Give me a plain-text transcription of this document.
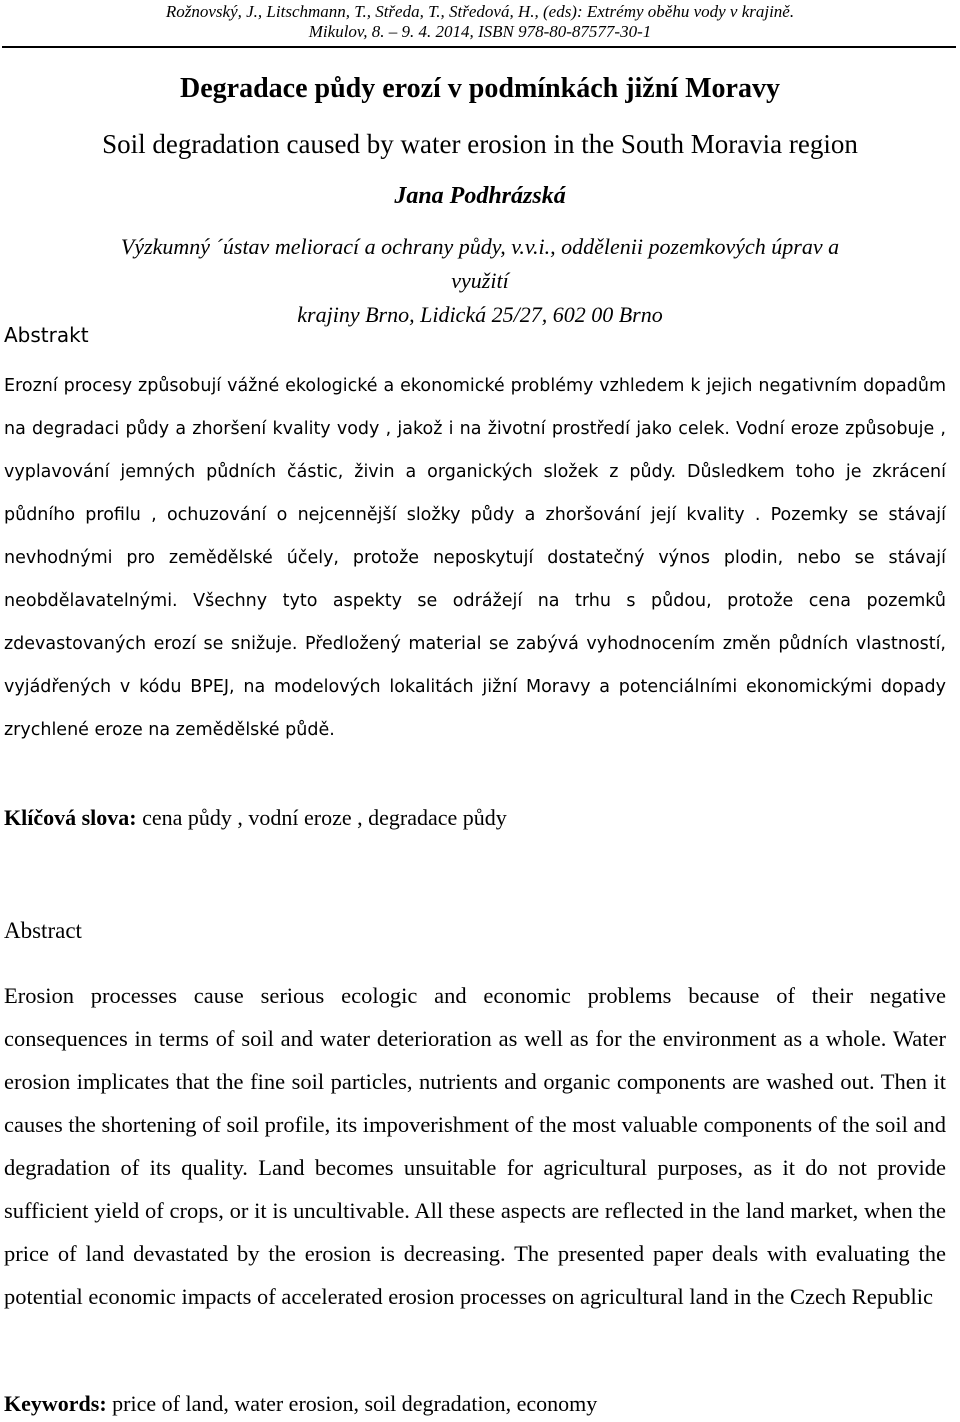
Rožnovský, J., Litschmann, T., Středa, T., Středová, H., (eds): Extrémy oběhu vody v krajině.
Mikulov, 8. – 9. 4. 2014, ISBN 978-80-87577-30-1
Degradace půdy erozí v podmínkách jižní Moravy
Soil degradation caused by water erosion in the South Moravia region
Jana Podhrázská
Výzkumný ´ústav meliorací a ochrany půdy, v.v.i., oddělenii pozemkových úprav a využití
krajiny Brno, Lidická 25/27, 602 00 Brno
Abstrakt

Erozní procesy způsobují vážné ekologické a ekonomické problémy vzhledem k jejich negativním dopadům na degradaci půdy a zhoršení kvality vody , jakož i na životní prostředí jako celek. Vodní eroze způsobuje , vyplavování jemných půdních částic, živin a organických složek z půdy. Důsledkem toho je zkrácení půdního profilu , ochuzování o nejcennější složky půdy a zhoršování její kvality . Pozemky se stávají nevhodnými pro zemědělské účely, protože neposkytují dostatečný výnos plodin, nebo se stávají neobdělavatelnými. Všechny tyto aspekty se odrážejí na trhu s půdou, protože cena pozemků zdevastovaných erozí se snižuje. Předložený material se zabývá vyhodnocením změn půdních vlastností, vyjádřených v kódu BPEJ, na modelových lokalitách jižní Moravy a potenciálními ekonomickými dopady zrychlené eroze na zemědělské půdě.

Klíčová slova: cena půdy , vodní eroze , degradace půdy

Abstract

Erosion processes cause serious ecologic and economic problems because of their negative consequences in terms of soil and water deterioration as well as for the environment as a whole. Water erosion implicates that the fine soil particles, nutrients and organic components are washed out. Then it causes the shortening of soil profile, its impoverishment of the most valuable components of the soil and degradation of its quality. Land becomes unsuitable for agricultural purposes, as it do not provide sufficient yield of crops, or it is uncultivable. All these aspects are reflected in the land market, when the price of land devastated by the erosion is decreasing. The presented paper deals with evaluating the potential economic impacts of accelerated erosion processes on agricultural land in the Czech Republic

Keywords: price of land, water erosion, soil degradation, economy
